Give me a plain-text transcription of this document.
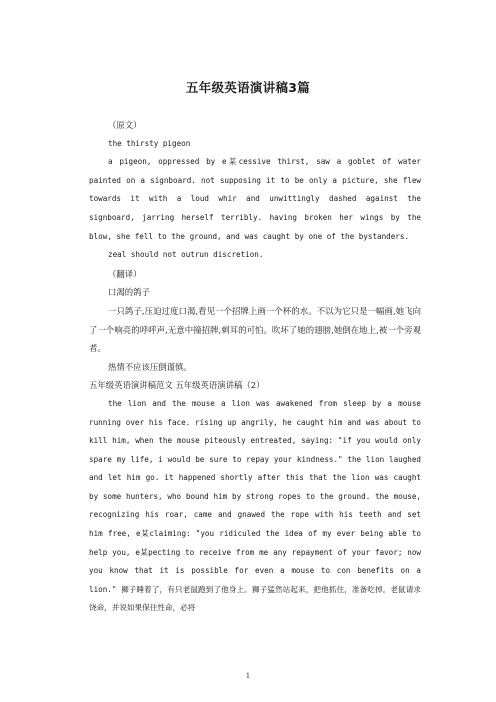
五年级英语演讲稿3篇

（原文）

the thirsty pigeon

a pigeon, oppressed by e某cessive thirst, saw a goblet of water painted on a signboard. not supposing it to be only a picture, she flew towards it with a loud whir and unwittingly dashed against the signboard, jarring herself terribly. having broken her wings by the blow, she fell to the ground, and was caught by one of the bystanders.

zeal should not outrun discretion.

（翻译）

口渴的鸽子

一只鸽子,压迫过度口渴,看见一个招牌上画一个杯的水。不以为它只是一幅画,她飞向了一个响亮的呼呼声,无意中撞招牌,刺耳的可怕。吹坏了她的翅膀,她倒在地上,被一个旁观者。

热情不应该压倒谨慎。

五年级英语演讲稿范文 五年级英语演讲稿（2）

the lion and the mouse a lion was awakened from sleep by a mouse running over his face. rising up angrily, he caught him and was about to kill him, when the mouse piteously entreated, saying: "if you would only spare my life, i would be sure to repay your kindness." the lion laughed and let him go. it happened shortly after this that the lion was caught by some hunters, who bound him by strong ropes to the ground. the mouse, recognizing his roar, came and gnawed the rope with his teeth and set him free, e某claiming: "you ridiculed the idea of my ever being able to help you, e某pecting to receive from me any repayment of your favor; now you know that it is possible for even a mouse to con benefits on a lion." 狮子睡着了，有只老鼠跑到了他身上。狮子猛然站起来，把他抓住，准备吃掉。老鼠请求饶命，并说如果保住性命，必将

1
